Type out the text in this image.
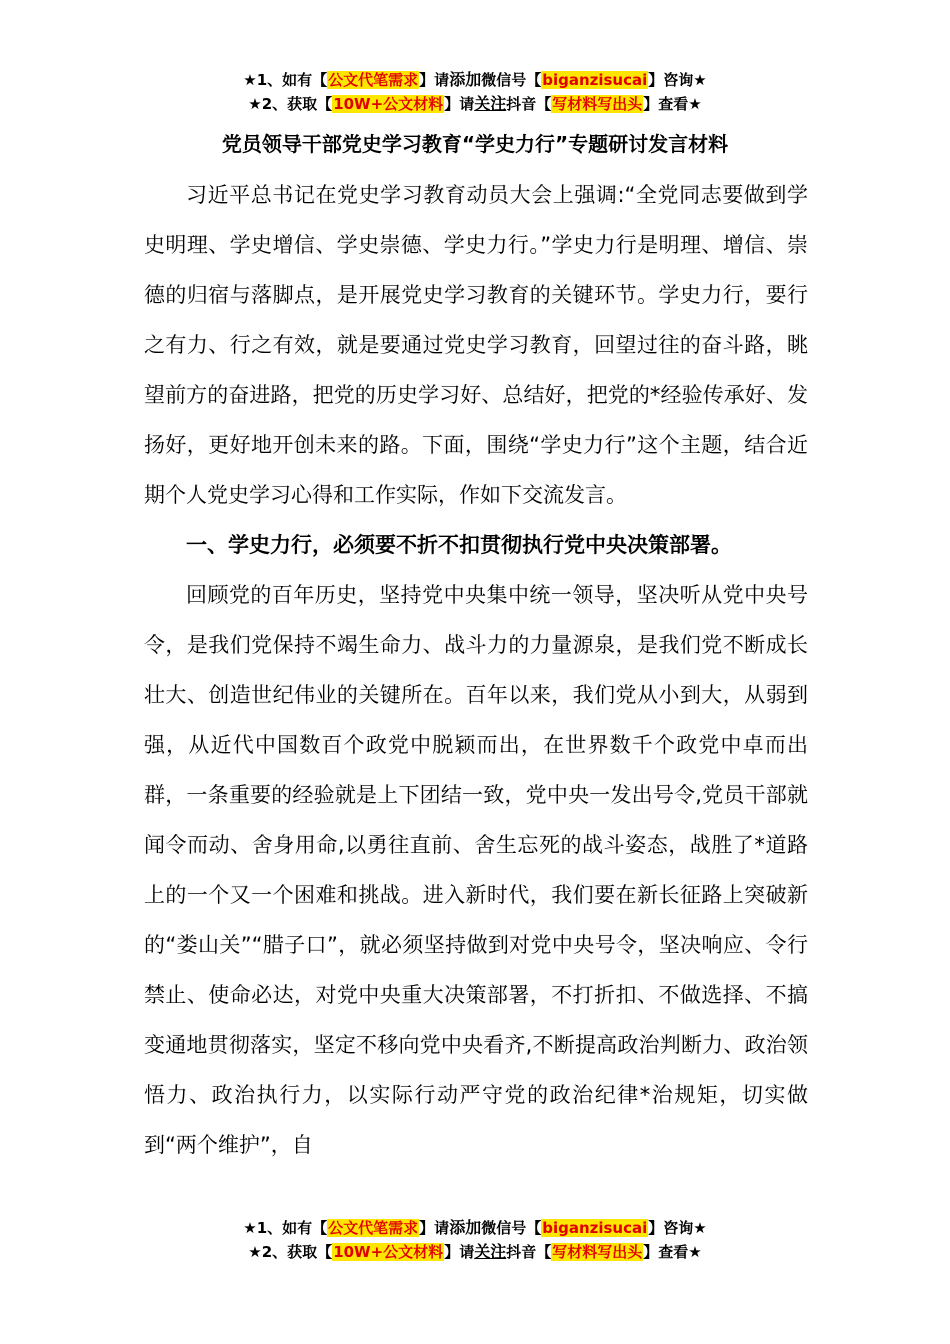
★1、如有【公文代笔需求】请添加微信号【biganzisucai】咨询★
★2、获取【10W+公文材料】请关注抖音【写材料写出头】查看★
党员领导干部党史学习教育“学史力行”专题研讨发言材料

习近平总书记在党史学习教育动员大会上强调:“全党同志要做到学史明理、学史增信、学史崇德、学史力行。”学史力行是明理、增信、崇德的归宿与落脚点，是开展党史学习教育的关键环节。学史力行，要行之有力、行之有效，就是要通过党史学习教育，回望过往的奋斗路，眺望前方的奋进路，把党的历史学习好、总结好，把党的*经验传承好、发扬好，更好地开创未来的路。下面，围绕“学史力行”这个主题，结合近期个人党史学习心得和工作实际，作如下交流发言。

一、学史力行，必须要不折不扣贯彻执行党中央决策部署。

回顾党的百年历史，坚持党中央集中统一领导，坚决听从党中央号令，是我们党保持不竭生命力、战斗力的力量源泉，是我们党不断成长壮大、创造世纪伟业的关键所在。百年以来，我们党从小到大，从弱到强，从近代中国数百个政党中脱颖而出，在世界数千个政党中卓而出群，一条重要的经验就是上下团结一致，党中央一发出号令,党员干部就闻令而动、舍身用命,以勇往直前、舍生忘死的战斗姿态，战胜了*道路上的一个又一个困难和挑战。进入新时代，我们要在新长征路上突破新的“娄山关”“腊子口”，就必须坚持做到对党中央号令，坚决响应、令行禁止、使命必达，对党中央重大决策部署，不打折扣、不做选择、不搞变通地贯彻落实，坚定不移向党中央看齐,不断提高政治判断力、政治领悟力、政治执行力，以实际行动严守党的政治纪律*治规矩，切实做到“两个维护”，自

★1、如有【公文代笔需求】请添加微信号【biganzisucai】咨询★
★2、获取【10W+公文材料】请关注抖音【写材料写出头】查看★
